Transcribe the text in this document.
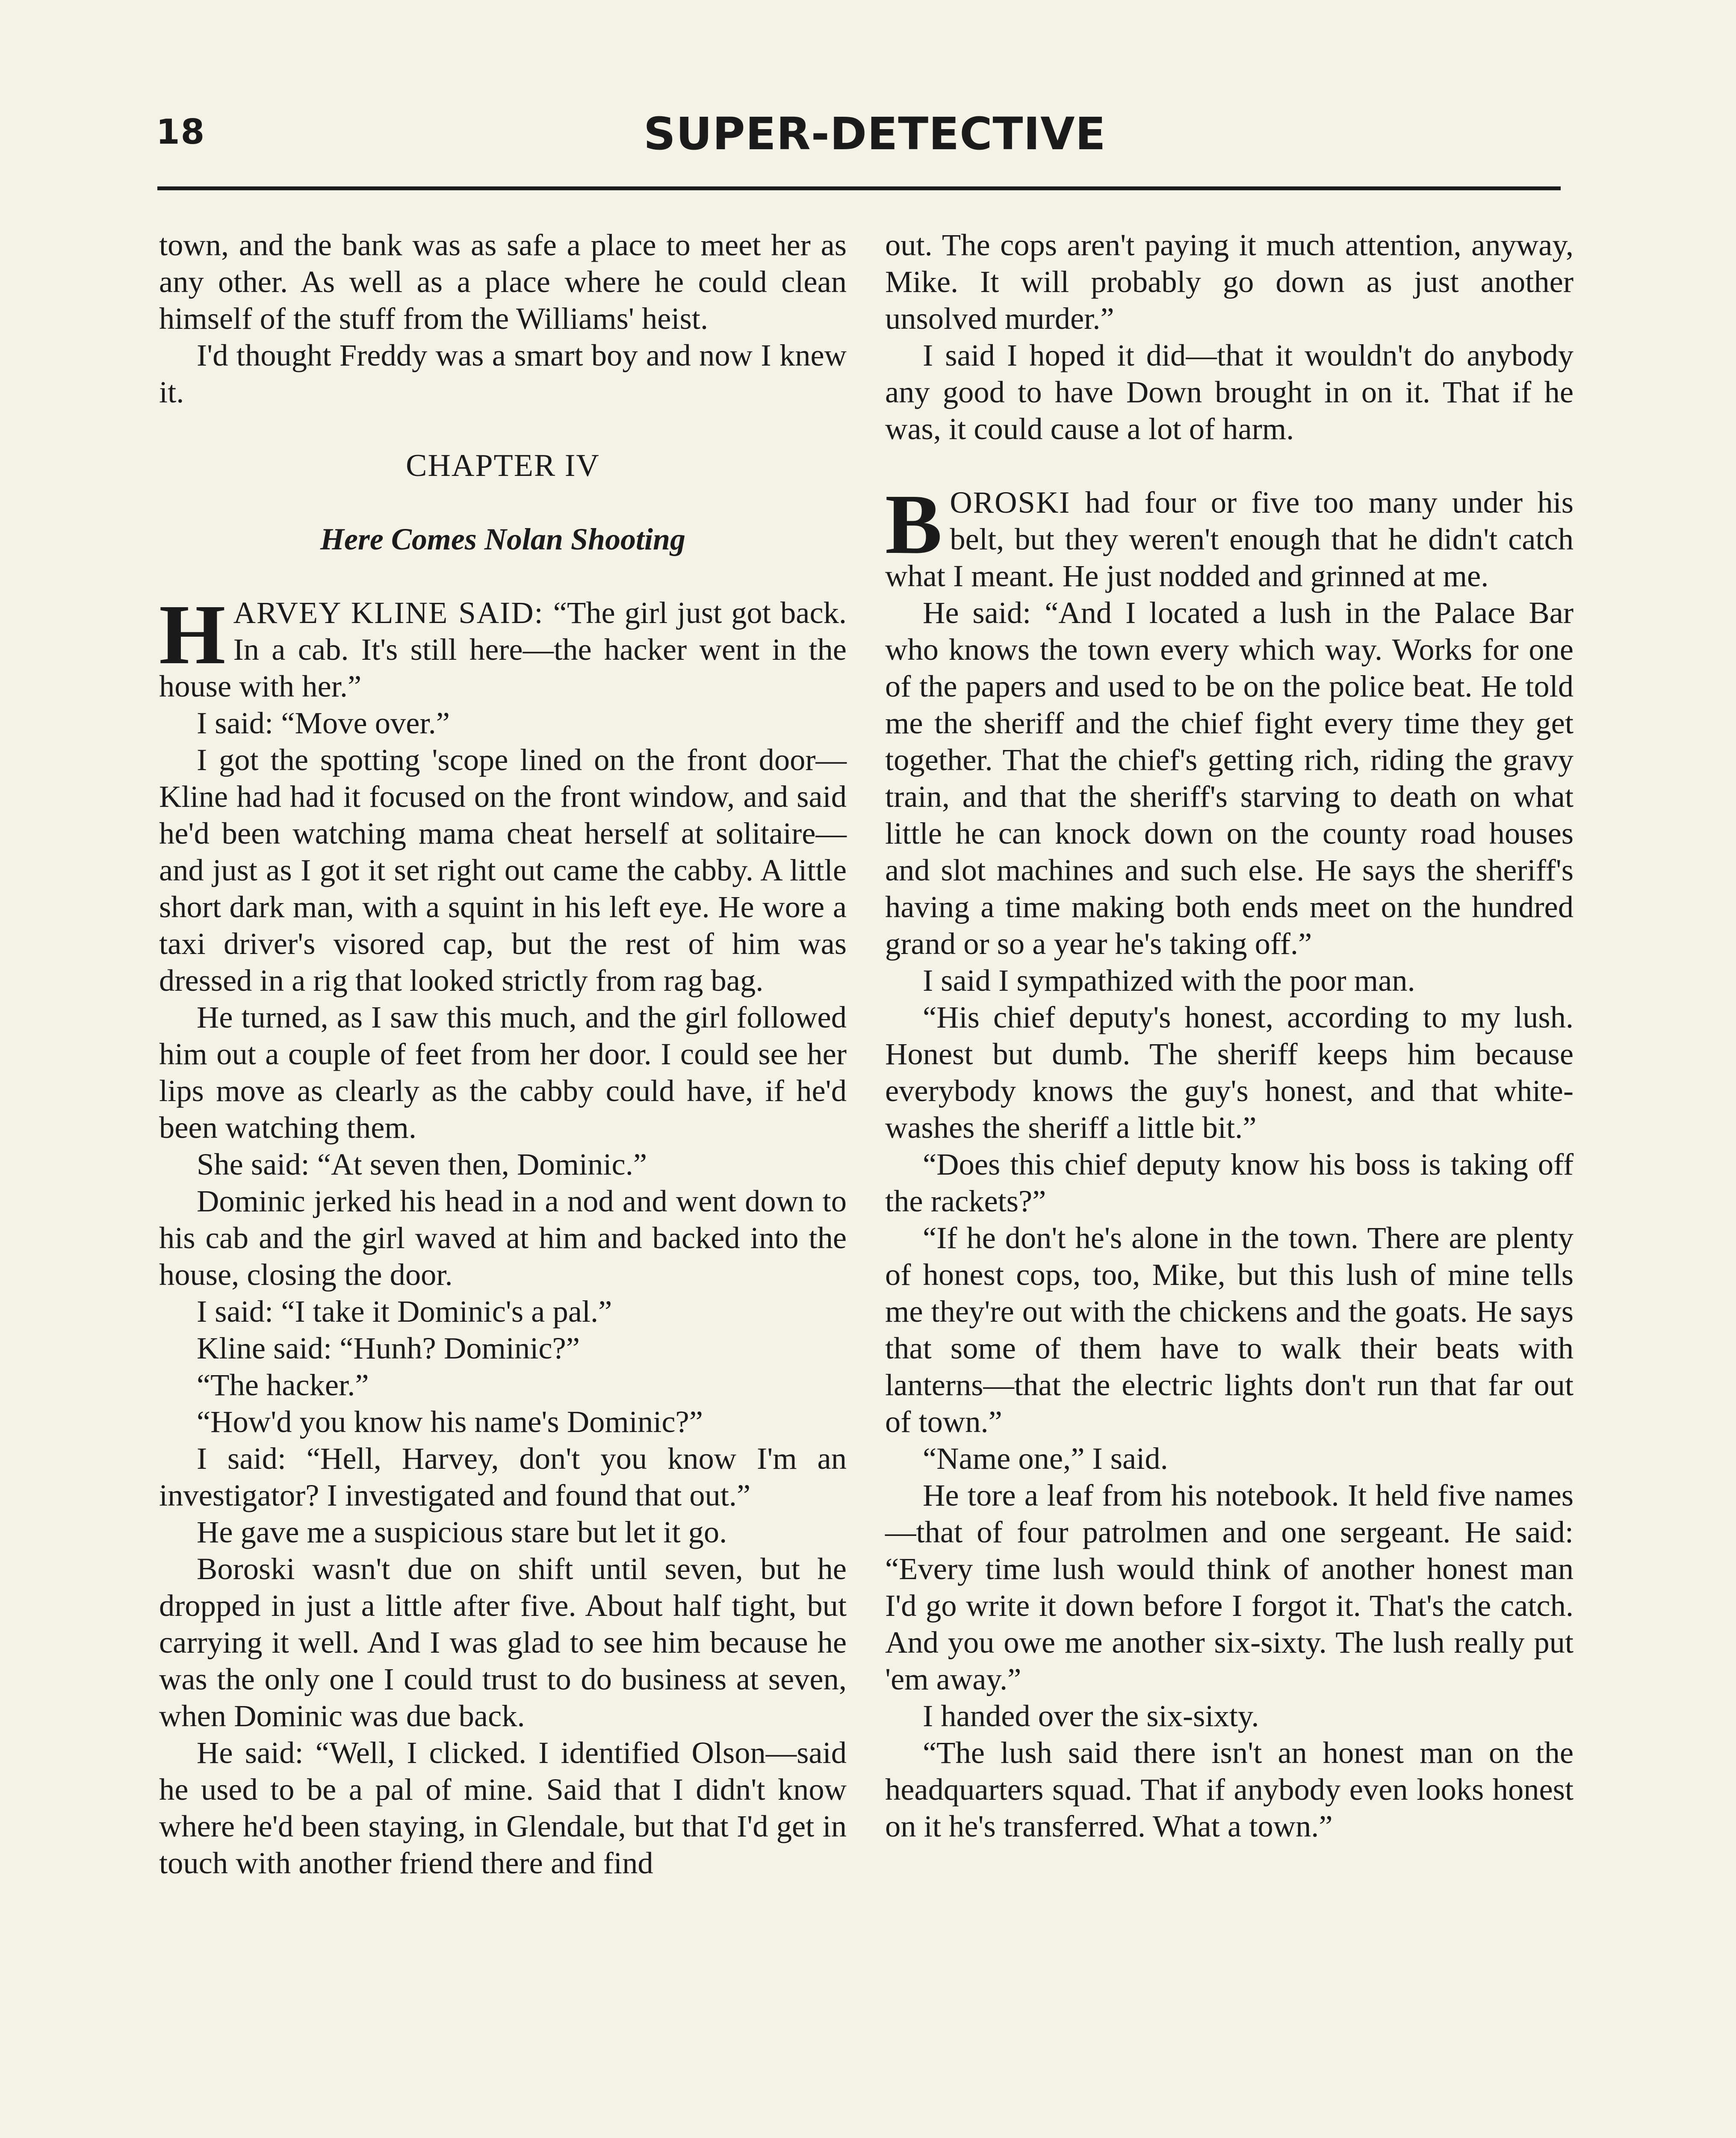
18	SUPER-DETECTIVE

town, and the bank was as safe a place to meet her as any other. As well as a place where he could clean himself of the stuff from the Williams' heist.

I'd thought Freddy was a smart boy and now I knew it.

CHAPTER IV
Here Comes Nolan Shooting

HARVEY KLINE SAID: “The girl just got back. In a cab. It's still here—the hacker went in the house with her.”

I said: “Move over.”

I got the spotting 'scope lined on the front door—Kline had had it focused on the front window, and said he'd been watching mama cheat herself at solitaire—and just as I got it set right out came the cabby. A little short dark man, with a squint in his left eye. He wore a taxi driver's visored cap, but the rest of him was dressed in a rig that looked strictly from rag bag.

He turned, as I saw this much, and the girl followed him out a couple of feet from her door. I could see her lips move as clearly as the cabby could have, if he'd been watching them.

She said: “At seven then, Dominic.”

Dominic jerked his head in a nod and went down to his cab and the girl waved at him and backed into the house, closing the door.

I said: “I take it Dominic's a pal.”

Kline said: “Hunh? Dominic?”

“The hacker.”

“How'd you know his name's Dominic?”

I said: “Hell, Harvey, don't you know I'm an investigator? I investigated and found that out.”

He gave me a suspicious stare but let it go.

Boroski wasn't due on shift until seven, but he dropped in just a little after five. About half tight, but carrying it well. And I was glad to see him because he was the only one I could trust to do business at seven, when Dominic was due back.

He said: “Well, I clicked. I identified Olson—said he used to be a pal of mine. Said that I didn't know where he'd been staying, in Glendale, but that I'd get in touch with another friend there and find

out. The cops aren't paying it much attention, anyway, Mike. It will probably go down as just another unsolved murder.”

I said I hoped it did—that it wouldn't do anybody any good to have Down brought in on it. That if he was, it could cause a lot of harm.

BOROSKI had four or five too many under his belt, but they weren't enough that he didn't catch what I meant. He just nodded and grinned at me.

He said: “And I located a lush in the Palace Bar who knows the town every which way. Works for one of the papers and used to be on the police beat. He told me the sheriff and the chief fight every time they get together. That the chief's getting rich, riding the gravy train, and that the sheriff's starving to death on what little he can knock down on the county road houses and slot machines and such else. He says the sheriff's having a time making both ends meet on the hundred grand or so a year he's taking off.”

I said I sympathized with the poor man.

“His chief deputy's honest, according to my lush. Honest but dumb. The sheriff keeps him because everybody knows the guy's honest, and that white-washes the sheriff a little bit.”

“Does this chief deputy know his boss is taking off the rackets?”

“If he don't he's alone in the town. There are plenty of honest cops, too, Mike, but this lush of mine tells me they're out with the chickens and the goats. He says that some of them have to walk their beats with lanterns—that the electric lights don't run that far out of town.”

“Name one,” I said.

He tore a leaf from his notebook. It held five names—that of four patrolmen and one sergeant. He said: “Every time lush would think of another honest man I'd go write it down before I forgot it. That's the catch. And you owe me another six-sixty. The lush really put 'em away.”

I handed over the six-sixty.

“The lush said there isn't an honest man on the headquarters squad. That if anybody even looks honest on it he's transferred. What a town.”
